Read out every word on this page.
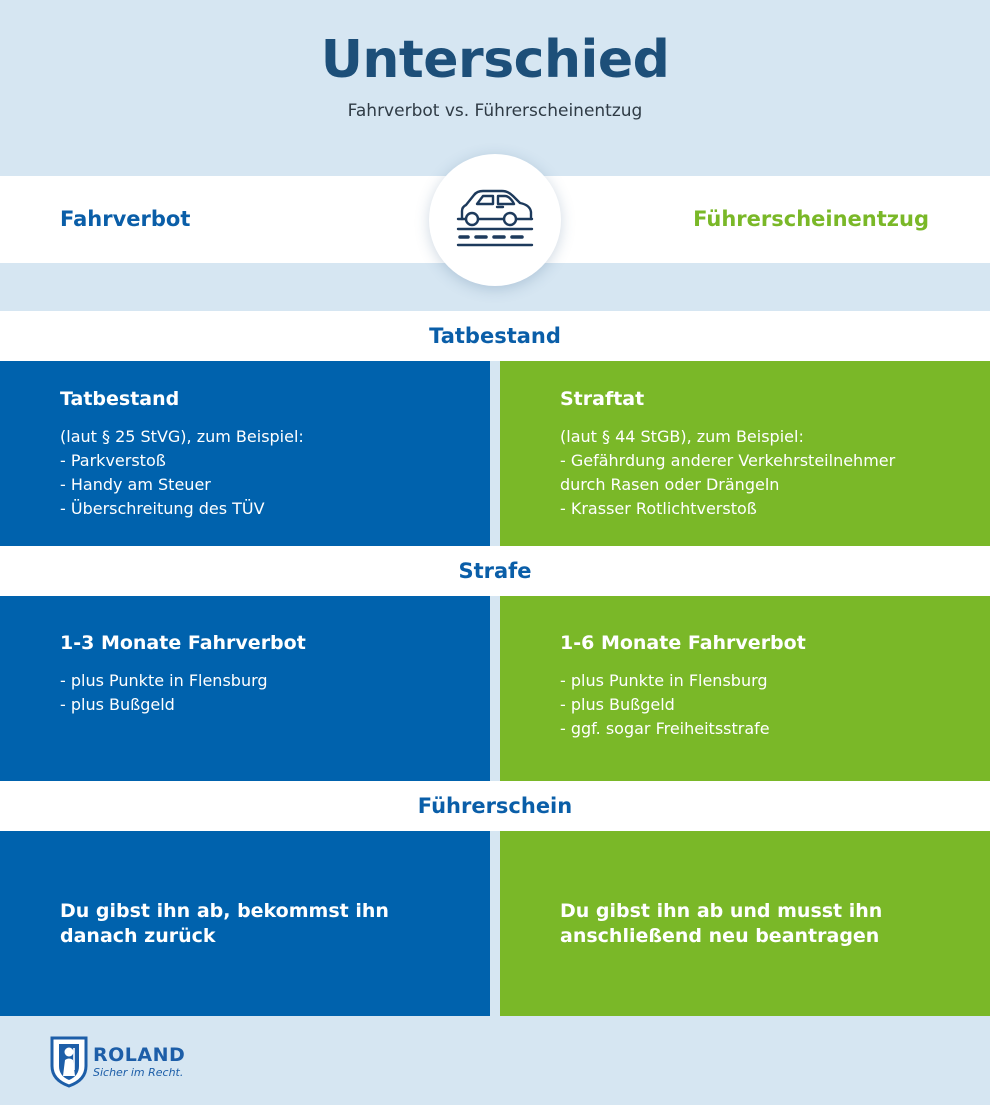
Unterschied
Fahrverbot vs. Führerscheinentzug
Fahrverbot	Führerscheinentzug
Tatbestand
Tatbestand
(laut § 25 StVG), zum Beispiel:
- Parkverstoß
- Handy am Steuer
- Überschreitung des TÜV
Straftat
(laut § 44 StGB), zum Beispiel:
- Gefährdung anderer Verkehrsteilnehmer
durch Rasen oder Drängeln
- Krasser Rotlichtverstoß
Strafe
1-3 Monate Fahrverbot
- plus Punkte in Flensburg
- plus Bußgeld
1-6 Monate Fahrverbot
- plus Punkte in Flensburg
- plus Bußgeld
- ggf. sogar Freiheitsstrafe
Führerschein
Du gibst ihn ab, bekommst ihn danach zurück
Du gibst ihn ab und musst ihn anschließend neu beantragen
ROLAND
Sicher im Recht.
